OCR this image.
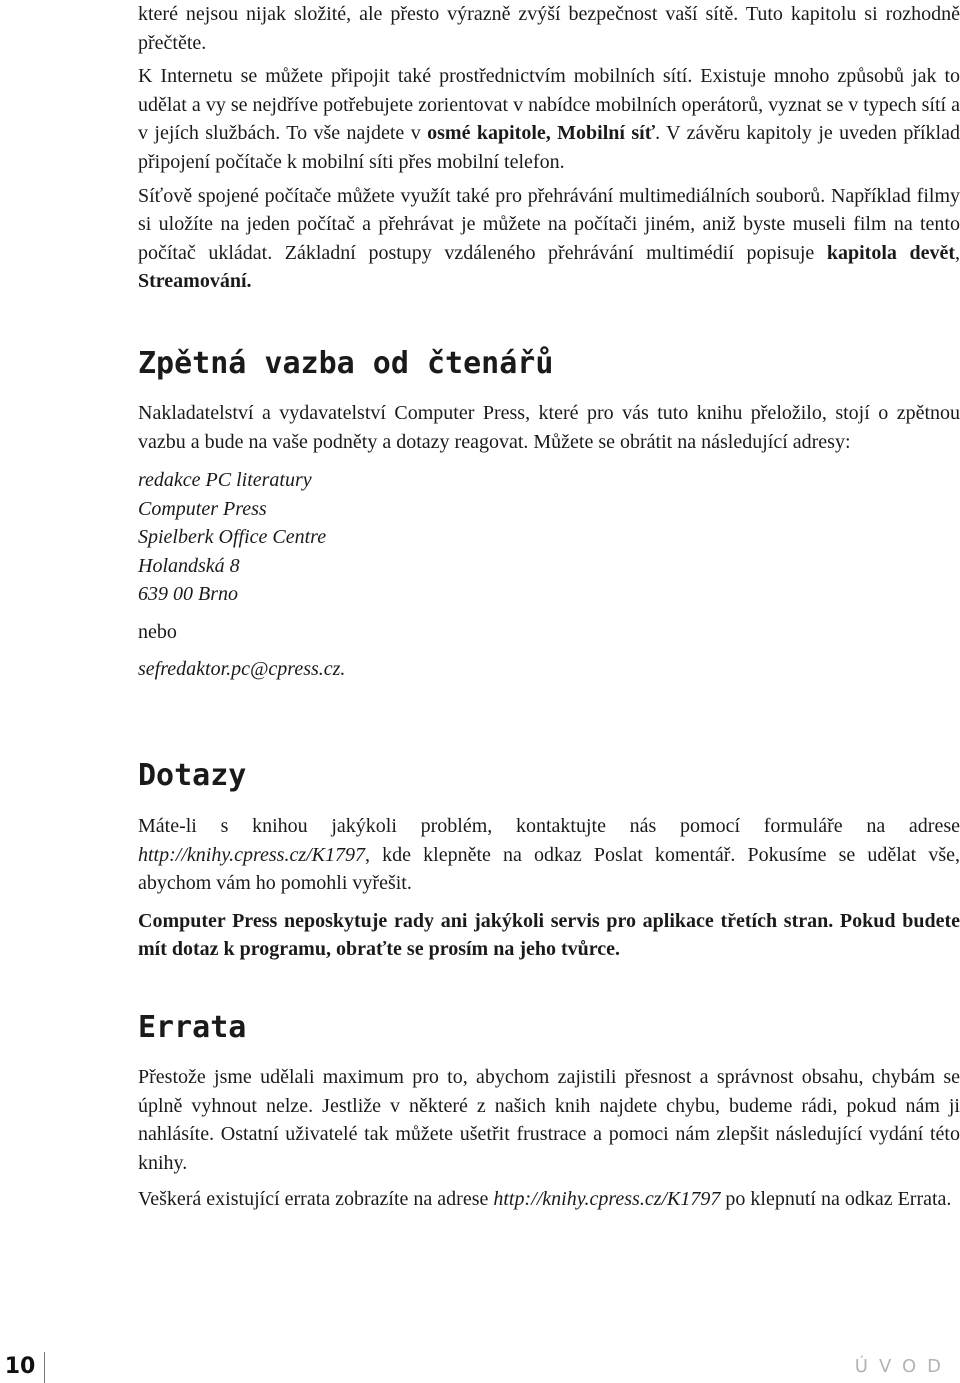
které nejsou nijak složité, ale přesto výrazně zvýší bezpečnost vaší sítě. Tuto kapitolu si rozhodně přečtěte.

K Internetu se můžete připojit také prostřednictvím mobilních sítí. Existuje mnoho způsobů jak to udělat a vy se nejdříve potřebujete zorientovat v nabídce mobilních operátorů, vyznat se v typech sítí a v jejích službách. To vše najdete v osmé kapitole, Mobilní síť. V závěru kapitoly je uveden příklad připojení počítače k mobilní síti přes mobilní telefon.

Síťově spojené počítače můžete využít také pro přehrávání multimediálních souborů. Například filmy si uložíte na jeden počítač a přehrávat je můžete na počítači jiném, aniž byste museli film na tento počítač ukládat. Základní postupy vzdáleného přehrávání multimédií popisuje kapitola devět, Streamování.

Zpětná vazba od čtenářů

Nakladatelství a vydavatelství Computer Press, které pro vás tuto knihu přeložilo, stojí o zpětnou vazbu a bude na vaše podněty a dotazy reagovat. Můžete se obrátit na následující adresy:

redakce PC literatury
Computer Press
Spielberk Office Centre
Holandská 8
639 00 Brno

nebo

sefredaktor.pc@cpress.cz.

Dotazy

Máte-li s knihou jakýkoli problém, kontaktujte nás pomocí formuláře na adrese http://knihy.cpress.cz/K1797, kde klepněte na odkaz Poslat komentář. Pokusíme se udělat vše, abychom vám ho pomohli vyřešit.

Computer Press neposkytuje rady ani jakýkoli servis pro aplikace třetích stran. Pokud budete mít dotaz k programu, obraťte se prosím na jeho tvůrce.

Errata

Přestože jsme udělali maximum pro to, abychom zajistili přesnost a správnost obsahu, chybám se úplně vyhnout nelze. Jestliže v některé z našich knih najdete chybu, budeme rádi, pokud nám ji nahlásíte. Ostatní uživatelé tak můžete ušetřit frustrace a pomoci nám zlepšit následující vydání této knihy.

Veškerá existující errata zobrazíte na adrese http://knihy.cpress.cz/K1797 po klepnutí na odkaz Errata.

10	ÚVOD
